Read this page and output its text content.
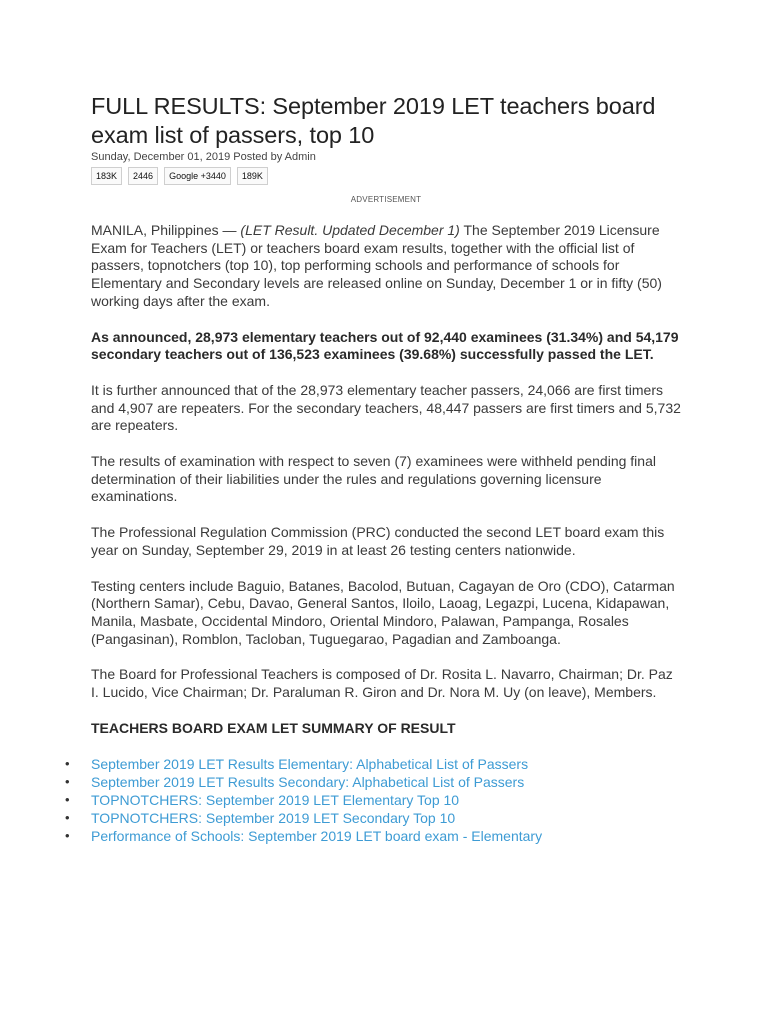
FULL RESULTS: September 2019 LET teachers board exam list of passers, top 10
Sunday, December 01, 2019 Posted by Admin
183K	2446	Google +3440	189K
ADVERTISEMENT

MANILA, Philippines — (LET Result. Updated December 1) The September 2019 Licensure Exam for Teachers (LET) or teachers board exam results, together with the official list of passers, topnotchers (top 10), top performing schools and performance of schools for Elementary and Secondary levels are released online on Sunday, December 1 or in fifty (50) working days after the exam.

As announced, 28,973 elementary teachers out of 92,440 examinees (31.34%) and 54,179 secondary teachers out of 136,523 examinees (39.68%) successfully passed the LET.

It is further announced that of the 28,973 elementary teacher passers, 24,066 are first timers and 4,907 are repeaters. For the secondary teachers, 48,447 passers are first timers and 5,732 are repeaters.

The results of examination with respect to seven (7) examinees were withheld pending final determination of their liabilities under the rules and regulations governing licensure examinations.

The Professional Regulation Commission (PRC) conducted the second LET board exam this year on Sunday, September 29, 2019 in at least 26 testing centers nationwide.

Testing centers include Baguio, Batanes, Bacolod, Butuan, Cagayan de Oro (CDO), Catarman (Northern Samar), Cebu, Davao, General Santos, Iloilo, Laoag, Legazpi, Lucena, Kidapawan, Manila, Masbate, Occidental Mindoro, Oriental Mindoro, Palawan, Pampanga, Rosales (Pangasinan), Romblon, Tacloban, Tuguegarao, Pagadian and Zamboanga.

The Board for Professional Teachers is composed of Dr. Rosita L. Navarro, Chairman; Dr. Paz I. Lucido, Vice Chairman; Dr. Paraluman R. Giron and Dr. Nora M. Uy (on leave), Members.

TEACHERS BOARD EXAM LET SUMMARY OF RESULT
• September 2019 LET Results Elementary: Alphabetical List of Passers
• September 2019 LET Results Secondary: Alphabetical List of Passers
• TOPNOTCHERS: September 2019 LET Elementary Top 10
• TOPNOTCHERS: September 2019 LET Secondary Top 10
• Performance of Schools: September 2019 LET board exam - Elementary
